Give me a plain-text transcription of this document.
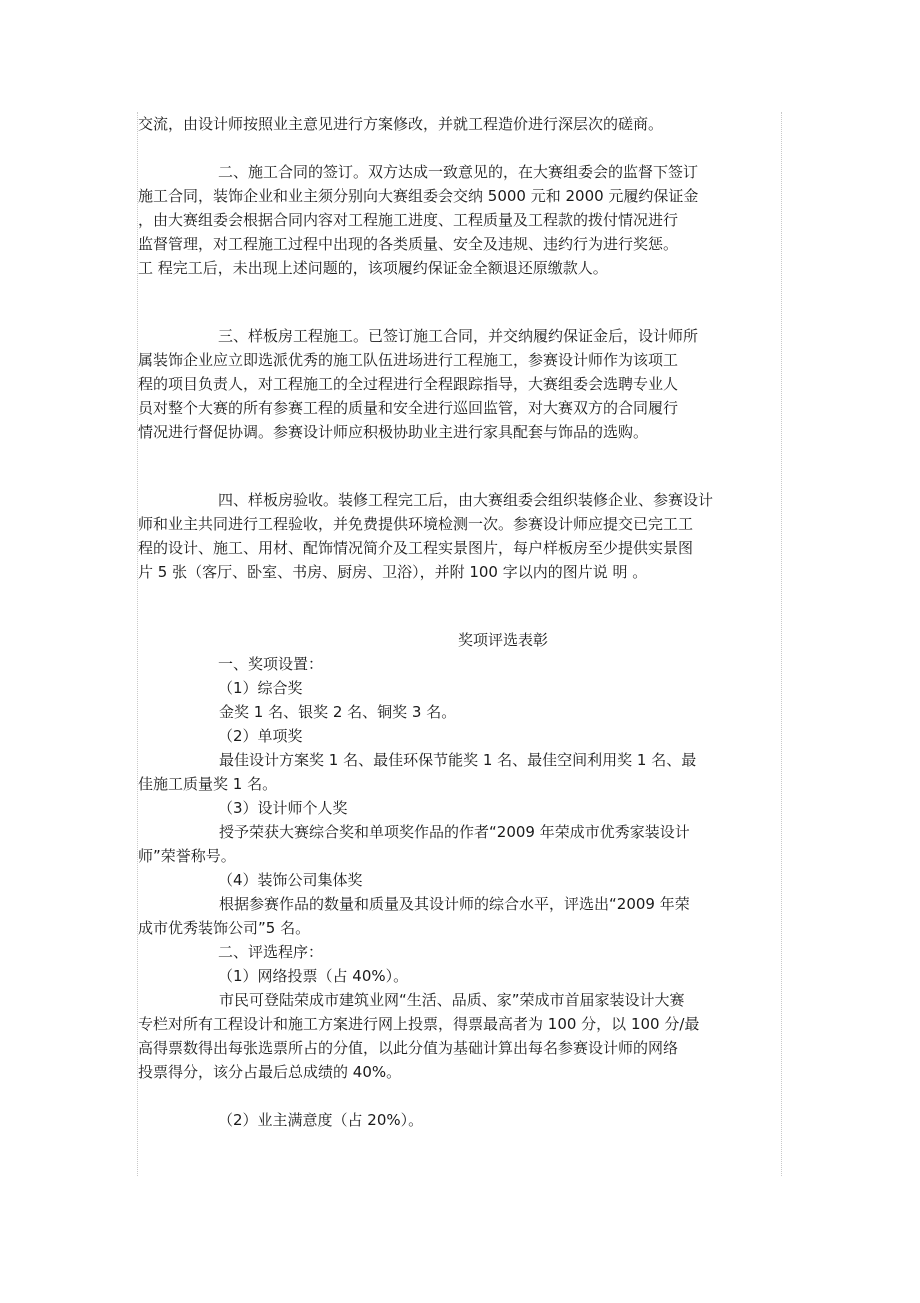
交流，由设计师按照业主意见进行方案修改，并就工程造价进行深层次的磋商。

二、施工合同的签订。双方达成一致意见的，在大赛组委会的监督下签订

施工合同，装饰企业和业主须分别向大赛组委会交纳 5000 元和 2000 元履约保证金

，由大赛组委会根据合同内容对工程施工进度、工程质量及工程款的拨付情况进行

监督管理，对工程施工过程中出现的各类质量、安全及违规、违约行为进行奖惩。

工 程完工后，未出现上述问题的，该项履约保证金全额退还原缴款人。

三、样板房工程施工。已签订施工合同，并交纳履约保证金后，设计师所

属装饰企业应立即选派优秀的施工队伍进场进行工程施工，参赛设计师作为该项工

程的项目负责人，对工程施工的全过程进行全程跟踪指导，大赛组委会选聘专业人

员对整个大赛的所有参赛工程的质量和安全进行巡回监管，对大赛双方的合同履行

情况进行督促协调。参赛设计师应积极协助业主进行家具配套与饰品的选购。

四、样板房验收。装修工程完工后，由大赛组委会组织装修企业、参赛设计

师和业主共同进行工程验收，并免费提供环境检测一次。参赛设计师应提交已完工工

程的设计、施工、用材、配饰情况简介及工程实景图片，每户样板房至少提供实景图

片 5 张（客厅、卧室、书房、厨房、卫浴），并附 100 字以内的图片说 明 。

奖项评选表彰

一、奖项设置：

（1）综合奖

金奖 1 名、银奖 2 名、铜奖 3 名。

（2）单项奖

最佳设计方案奖 1 名、最佳环保节能奖 1 名、最佳空间利用奖 1 名、最

佳施工质量奖 1 名。

（3）设计师个人奖

授予荣获大赛综合奖和单项奖作品的作者“2009 年荣成市优秀家装设计

师”荣誉称号。

（4）装饰公司集体奖

根据参赛作品的数量和质量及其设计师的综合水平，评选出“2009 年荣

成市优秀装饰公司”5 名。

二、评选程序：

（1）网络投票（占 40%）。

市民可登陆荣成市建筑业网“生活、品质、家”荣成市首届家装设计大赛

专栏对所有工程设计和施工方案进行网上投票，得票最高者为 100 分，以 100 分/最

高得票数得出每张选票所占的分值，以此分值为基础计算出每名参赛设计师的网络

投票得分，该分占最后总成绩的 40%。

（2）业主满意度（占 20%）。
